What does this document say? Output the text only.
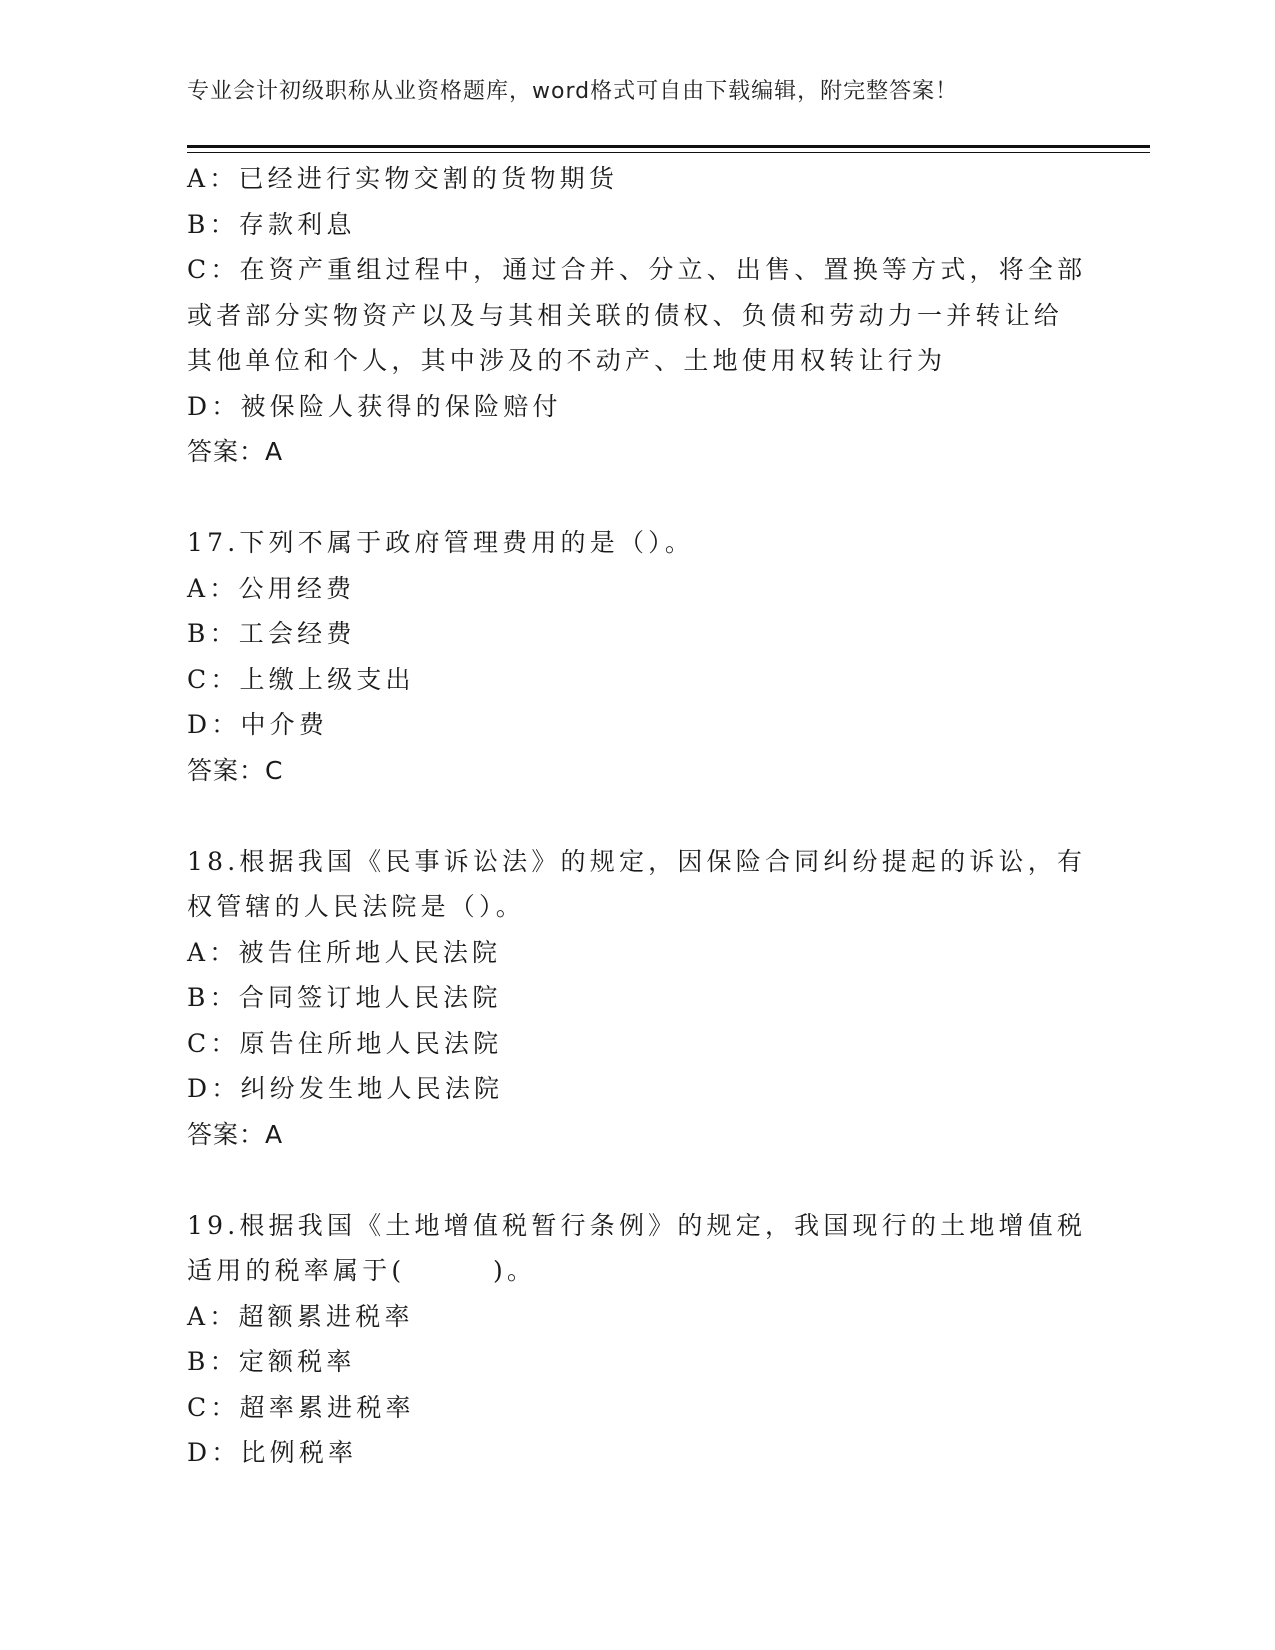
专业会计初级职称从业资格题库，word格式可自由下载编辑，附完整答案！
A：已经进行实物交割的货物期货
B：存款利息
C：在资产重组过程中，通过合并、分立、出售、置换等方式，将全部
或者部分实物资产以及与其相关联的债权、负债和劳动力一并转让给
其他单位和个人，其中涉及的不动产、土地使用权转让行为
D：被保险人获得的保险赔付
答案：A
17.下列不属于政府管理费用的是（）。
A：公用经费
B：工会经费
C：上缴上级支出
D：中介费
答案：C
18.根据我国《民事诉讼法》的规定，因保险合同纠纷提起的诉讼，有
权管辖的人民法院是（）。
A：被告住所地人民法院
B：合同签订地人民法院
C：原告住所地人民法院
D：纠纷发生地人民法院
答案：A
19.根据我国《土地增值税暂行条例》的规定，我国现行的土地增值税
适用的税率属于(　　　)。
A：超额累进税率
B：定额税率
C：超率累进税率
D：比例税率
